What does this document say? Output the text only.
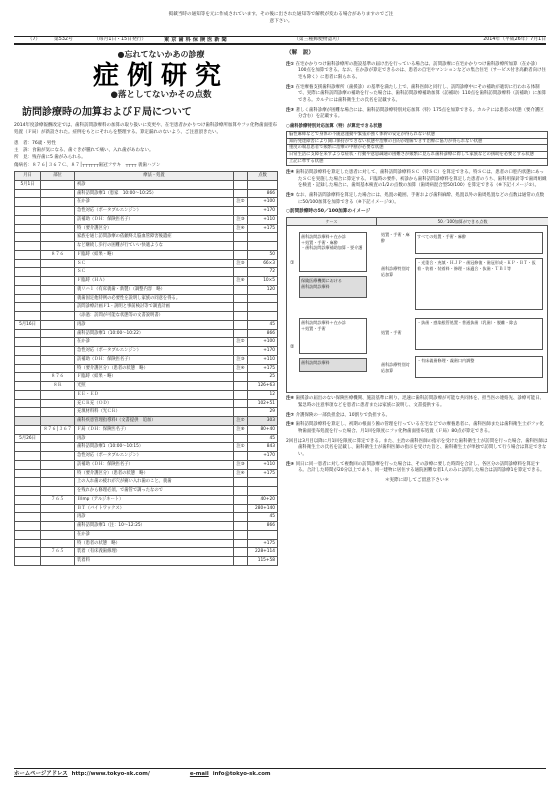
掲載当時の通知等を元に作成されています。その後に出された通知等で解釈が変わる場合がありますのでご注意下さい。
（7）	第532号	（毎月1日・15日発行）	東京歯科保険医新聞	（第三種郵便物認可）	2014年（平成26年）7月1日
●忘れてないかあの診療
症例研究
●落としてないかその点数
訪問診療時の加算およびＦ局について
2014年度診療報酬改定では、歯科訪問診療料の加算の取り扱いに変更や、在宅患者かかりつけ歯科診療所加算やフッ化物歯面塗布処置（Ｆ局）が新設された。症例をもとにそれらを整理する。算定漏れのないよう、ご注意頂きたい。
患　者：76歳・男性
主　訴：食歯が気になる、歯ぐきが腫れて痛い、入れ歯があわない。
所　見：残存歯に5 歯がみられる。
傷病名：８７６│３６７Ｃ、８７│┬┬┬┬┬┬歯冠フサキ　┬┬┬┬ 義歯ハソン
月日	部位	療法・処置		点数
5月1日		初診		
		歯科訪問診療1（患家　10:00〜10:25）		866
		在か診	注②	+100
		急性対応（ポータブルエンジン）		+170
		訪補助（ＤＨ：保険医名子）	注③	+110
		特（要介護区分）	注④	+175
		家族を通じ訪問診療の依頼終え脳血管障害後遺症		
		など継続し歩行の困難が行ていい快適ような		
	８７６	Ｆ臨時（結果・略）		50
		ＳＣ	注⑤	66×3
		ＳＣ		72
		Ｆ臨時（ＨＡ）	注⑥	10×5
		義リハ１（有床義歯・新製）（調整内容　略）		120
		義歯固定他特例の必要性を説明し家族の同意を得る。		
		訪問診療計画Ｆ1・説明と事前検討等で調査計画		
		（添過：訪問が可能な状態等の文書説明書）		
5月16日		再診		45
		歯科訪問診療1（10:00〜10:22）		866
		在か診	注②	+100
		急性対応（ポータブルエンジン）		+170
		訪補助（ＤＨ：保険医名子）	注③	+110
		特（要介護区分）（患者の状態　略）	注④	+175
	８７６	Ｆ臨時（結果・略）		25
	８Ｒ	光照		126+63
		ＥＥ・ＥＤ		12
		充ＣＲ充（ＯＤ）		102+51
		充填材料料（光ＣＲ）		29
		歯科疾患管理指導料Ⅰ（文書提供　追加）	注⑦	303
	８７６│３６７	Ｆ局（ＤＨ：保険医名子）	注⑧	80+40
5月26日		再診		45
		歯科訪問診療1（10:00〜10:15）	注①	843
		急性対応（ポータブルエンジン）		+170
		訪補助（ＤＨ：保険医名子）	注③	+110
		特（要介護区分）（患者の状態　略）	注④	+175
		上の入れ歯の疲れが穴が痛い入れ歯のこと。義歯		
		を残れから修理必須。で歯管で調ったなので		
	７６５	Ｂlmp（アルジネート）		40+20
		ＢＴ（バイトワックス）		280+140
		再診		45
		歯科訪問診療1（注：10〜12:25）		866
		在か診		
		特（患者の状態　略）		+175
	７６５	装着（有床義歯修理）		228+114
		装着料		115+58
（解　説）
注① 在宅かかりつけ歯科診療所の施設基準の届け出を行っている場合は、訪問診療に在宅かかりつけ歯科診療所加算（在か診）100点を加算できる。なお、在か診が算定できるのは、患者の自宅やマンションなどの集合住宅（サービス付き高齢者向け住宅も除く）に患者に限られる。
注② 在宅療養支援歯科診療所（歯援診）の基準を満たし上で、歯科医師と同行し、訪問診療中にその補助が適切に行われる体制で、実際に歯科訪問診療の補助を行った場合は、歯科訪問診療補助加算（訪補助）110点を歯科訪問診療料（訪補助）に加算できる。カルテには歯科衛生士の氏名を記載する。
注③ 著しく歯科診療が困難な場合には、歯科訪問診療特別対応加算（特）175点を加算できる。カルテには患者の状態（要介護区分含む）を記載する。
○歯科診療特別対応加算（特）が算定できる状態
脳性麻痺などで身体の不随意運動や緊張が強く体幹の安定が得られない状態
知的発達障害により開口保持ができない状態や治療の目的が理解できず治療に協力が得られない状態
重度の喘息患者で頻繁に治療の中断が必要な状態
日常生活に支障を来すような症状・行動や意思疎通の困難さが頻繁に見られ歯科診療に際して家族などの援助を必要とする状態
上記に準ずる状態
注④ 歯科訪問診療料を算定した患者に対して、歯科訪問診療料ＳＣ（特ＳＣ）を算定できる。特ＳＣは、患者の口腔内状態にあったＳＣを実施した場合に算定する。Ｆ臨時の要件、初診から歯科訪問診療料を算定した患者のうち、歯科用探針等で歯周組織を検査・記録した場合に、歯周基本検査の1/2の点数の加算（歯周病混合型50/100）を算定できる（※下記イメージ②）。
注⑤ なお、歯科訪問診療料を算定した場合には、処置の範囲、手術および歯科麻酔、処置以外の歯周処置などの点数は通常の点数に50/100加算を加算できる（※下記イメージ③）。
○訪問診療時の50／100加算のイメージ
ケース	50／100加算ができる点数
①
歯科訪問診療料＋在か診
＋処置・手術・麻酔
・歯科訪問診療補助加算・要介護
保険医療機関における
歯科訪問診療料
処置・手術・麻酔
すべての処置・手術・麻酔
歯科診療特別対応加算
・光重合・充填・ＨＪＰ・歯冠修復・歯冠形成・ＫＰ・ＢＴ・仮着・装着・装着料・修理・床適合・抜歯・ＴＢＩ等
②
歯科訪問診療料＋在か診
＋処置・手術
歯科訪問診療料
処置・手術
・抜歯・感染根管処置・普通抜歯（乳歯）・脱離・除去
歯科診療特別対応加算
・有床義歯修理・義歯口内調整
注⑥ 歯援診の届出のない保険医療機関、施設基準に則り、迅速に歯科訪問診療が可能な共同体を、担当医の連絡先、診療可能日、緊急時の注意事項などを患者に患者または家族に説明し、文書提供する。
注⑦ 介護保険の一部負担金は、10割りで負担する。
注⑧ 歯科訪問診療料を算定し、初期の根面う蝕の管理を行っている在宅などでの療養患者に、歯科医師または歯科衛生士がフッ化物歯面塗布処置を行った場合、月1回を限度にフッ化物歯面塗布処置（Ｆ局）80点が算定できる。
2回目は3月目以降に月1回を限度に算定できる。また、主治の歯科医師の指示を受けた歯科衛生士が訪問を行った場合、歯科医師は歯科衛生士の氏名を記載し、歯科衛生士が歯科医師の指示を受けた旨と、歯科衛生士が単独で訪問して行う場合は算定できない。
注⑨ 同日に同一患者に対して複数回の訪問診療を行った場合は、その診療に要した時間を合計し、各区分の訪問診療料を算定する。合計した時間が20分以上であり、同一建物に居住する通院困難な者1人のみに訪問した場合は訪問診療1を算定できる。
＊実際に即してご留意下さい＊
ホームページアドレス http://www.tokyo-sk.com/	e-mail info@tokyo-sk.com
